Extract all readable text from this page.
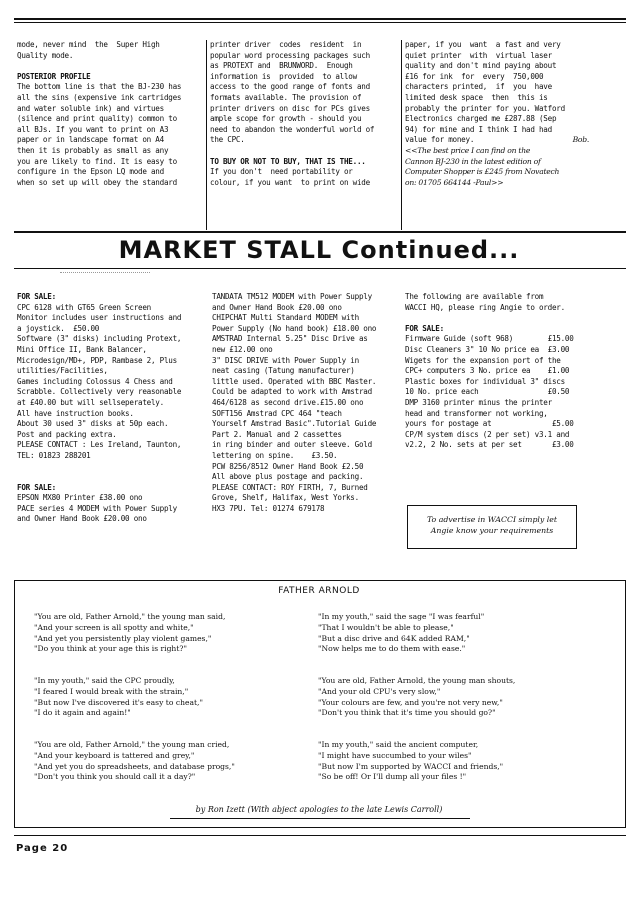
mode, never mind  the  Super High
Quality mode.
POSTERIOR PROFILE
The bottom line is that the BJ-230 has
all the sins (expensive ink cartridges
and water soluble ink) and virtues
(silence and print quality) common to
all BJs. If you want to print on A3
paper or in landscape format on A4
then it is probably as small as any
you are likely to find. It is easy to
configure in the Epson LQ mode and
when so set up will obey the standard
printer driver  codes  resident  in
popular word processing packages such
as PROTEXT and  BRUNWORD.  Enough
information is  provided  to allow
access to the good range of fonts and
formats available. The provision of
printer drivers on disc for PCs gives
ample scope for growth - should you
need to abandon the wonderful world of
the CPC.
TO BUY OR NOT TO BUY, THAT IS THE...
If you don't  need portability or
colour, if you want  to print on wide
paper, if you  want  a fast and very
quiet printer  with  virtual laser
quality and don't mind paying about
£16 for ink  for  every  750,000
characters printed,  if  you  have
limited desk space  then  this is
probably the printer for you. Watford
Electronics charged me £287.88 (Sep
94) for mine and I think I had had
value for money.
<<The best price I can find on the
Cannon BJ-230 in the latest edition of
Computer Shopper is £245 from Novatech
on: 01705 664144 -Paul>>
Bob.
MARKET STALL Continued...
FOR SALE:
CPC 6128 with GT65 Green Screen
Monitor includes user instructions and
a joystick.  £50.00
Software (3" disks) including Protext,
Mini Office II, Bank Balancer,
Microdesign/MD+, PDP, Rambase 2, Plus
utilities/Facilities,
Games including Colossus 4 Chess and
Scrabble. Collectively very reasonable
at £40.00 but will sellseperately.
All have instruction books.
About 30 used 3" disks at 50p each.
Post and packing extra.
PLEASE CONTACT : Les Ireland, Taunton,
TEL: 01823 288201
FOR SALE:
EPSON MX80 Printer £38.00 ono
PACE series 4 MODEM with Power Supply
and Owner Hand Book £20.00 ono
TANDATA TM512 MODEM with Power Supply
and Owner Hand Book £20.00 ono
CHIPCHAT Multi Standard MODEM with
Power Supply (No hand book) £18.00 ono
AMSTRAD Internal 5.25" Disc Drive as
new £12.00 ono
3" DISC DRIVE with Power Supply in
neat casing (Tatung manufacturer)
little used. Operated with BBC Master.
Could be adapted to work with Amstrad
464/6128 as second drive.£15.00 ono
SOFT156 Amstrad CPC 464 "teach
Yourself Amstrad Basic".Tutorial Guide
Part 2. Manual and 2 cassettes
in ring binder and outer sleeve. Gold
lettering on spine.    £3.50.
PCW 8256/8512 Owner Hand Book £2.50
All above plus postage and packing.
PLEASE CONTACT: ROY FIRTH, 7, Burned
Grove, Shelf, Halifax, West Yorks.
HX3 7PU. Tel: 01274 679178
The following are available from
WACCI HQ, please ring Angie to order.
FOR SALE:
Firmware Guide (soft 968)        £15.00
Disc Cleaners 3" 10 No price ea  £3.00
Wigets for the expansion port of the
CPC+ computers 3 No. price ea    £1.00
Plastic boxes for individual 3" discs
10 No. price each                £0.50
DMP 3160 printer minus the printer
head and transformer not working,
yours for postage at              £5.00
CP/M system discs (2 per set) v3.1 and
v2.2, 2 No. sets at per set       £3.00
To advertise in WACCI simply let
Angie know your requirements
FATHER ARNOLD
"You are old, Father Arnold," the young man said,
"And your screen is all spotty and white,"
"And yet you persistently play violent games,"
"Do you think at your age this is right?"
"In my youth," said the CPC proudly,
"I feared I would break with the strain,"
"But now I've discovered it's easy to cheat,"
"I do it again and again!"
"You are old, Father Arnold," the young man cried,
"And your keyboard is tattered and grey,"
"And yet you do spreadsheets, and database progs,"
"Don't you think you should call it a day?"
"In my youth," said the sage "I was fearful"
"That I wouldn't be able to please,"
"But a disc drive and 64K added RAM,"
"Now helps me to do them with ease."
"You are old, Father Arnold, the young man shouts,
"And your old CPU's very slow,"
"Your colours are few, and you're not very new,"
"Don't you think that it's time you should go?"
"In my youth," said the ancient computer,
"I might have succumbed to your wiles"
"But now I'm supported by WACCI and friends,"
"So be off! Or I'll dump all your files !"
by Ron Izett (With abject apologies to the late Lewis Carroll)
Page 20
